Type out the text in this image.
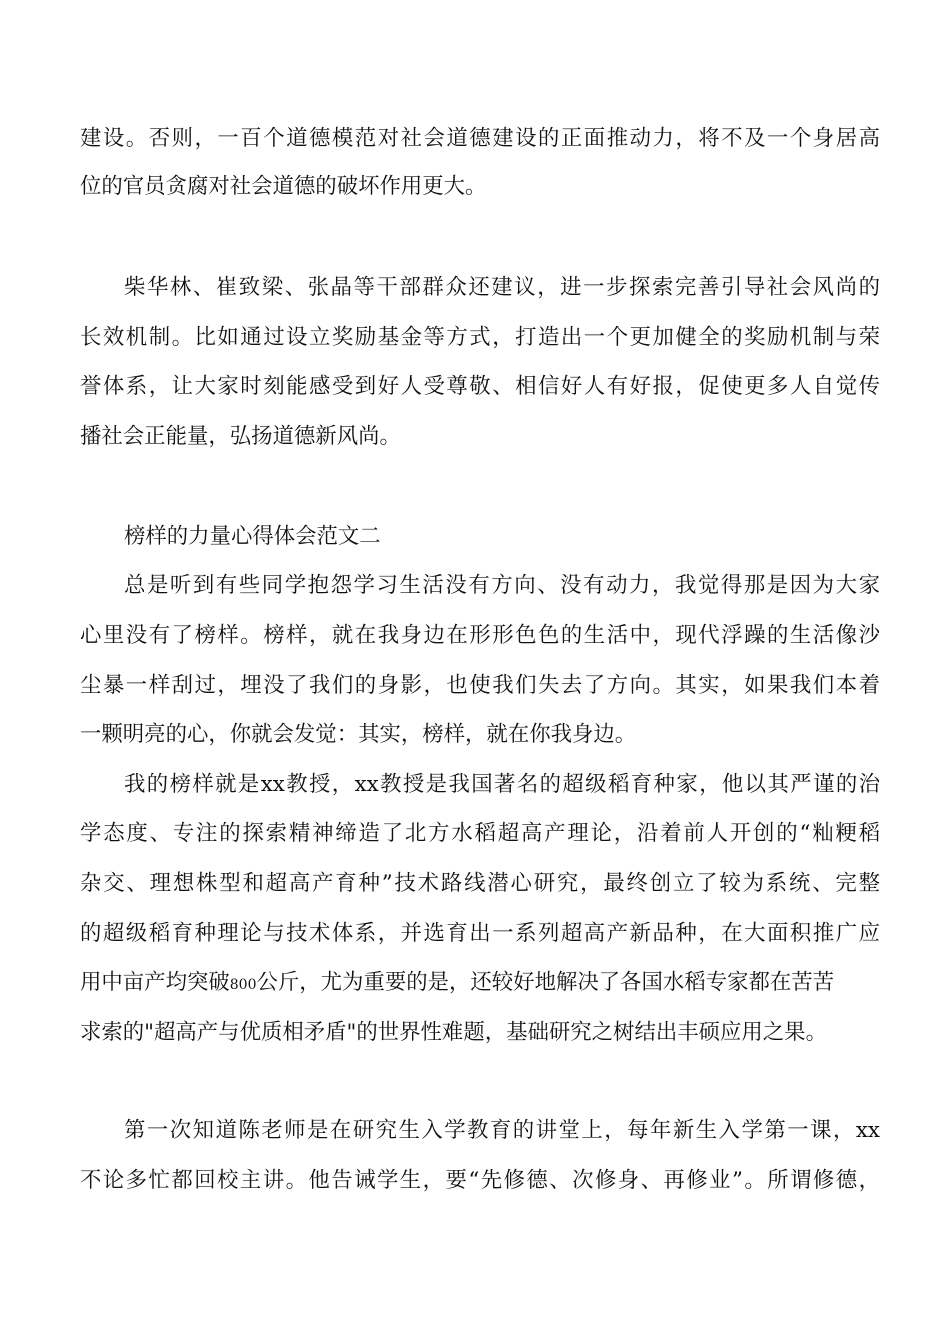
建设。否则，一百个道德模范对社会道德建设的正面推动力，将不及一个身居高

位的官员贪腐对社会道德的破坏作用更大。

柴华林、崔致梁、张晶等干部群众还建议，进一步探索完善引导社会风尚的

长效机制。比如通过设立奖励基金等方式，打造出一个更加健全的奖励机制与荣

誉体系，让大家时刻能感受到好人受尊敬、相信好人有好报，促使更多人自觉传

播社会正能量，弘扬道德新风尚。

榜样的力量心得体会范文二

总是听到有些同学抱怨学习生活没有方向、没有动力，我觉得那是因为大家

心里没有了榜样。榜样，就在我身边在形形色色的生活中，现代浮躁的生活像沙

尘暴一样刮过，埋没了我们的身影，也使我们失去了方向。其实，如果我们本着

一颗明亮的心，你就会发觉：其实，榜样，就在你我身边。

我的榜样就是xx教授，xx教授是我国著名的超级稻育种家，他以其严谨的治

学态度、专注的探索精神缔造了北方水稻超高产理论，沿着前人开创的“籼粳稻

杂交、理想株型和超高产育种”技术路线潜心研究，最终创立了较为系统、完整

的超级稻育种理论与技术体系，并选育出一系列超高产新品种，在大面积推广应

用中亩产均突破800公斤，尤为重要的是，还较好地解决了各国水稻专家都在苦苦

求索的"超高产与优质相矛盾"的世界性难题，基础研究之树结出丰硕应用之果。

第一次知道陈老师是在研究生入学教育的讲堂上，每年新生入学第一课，xx

不论多忙都回校主讲。他告诫学生，要“先修德、次修身、再修业”。所谓修德，
